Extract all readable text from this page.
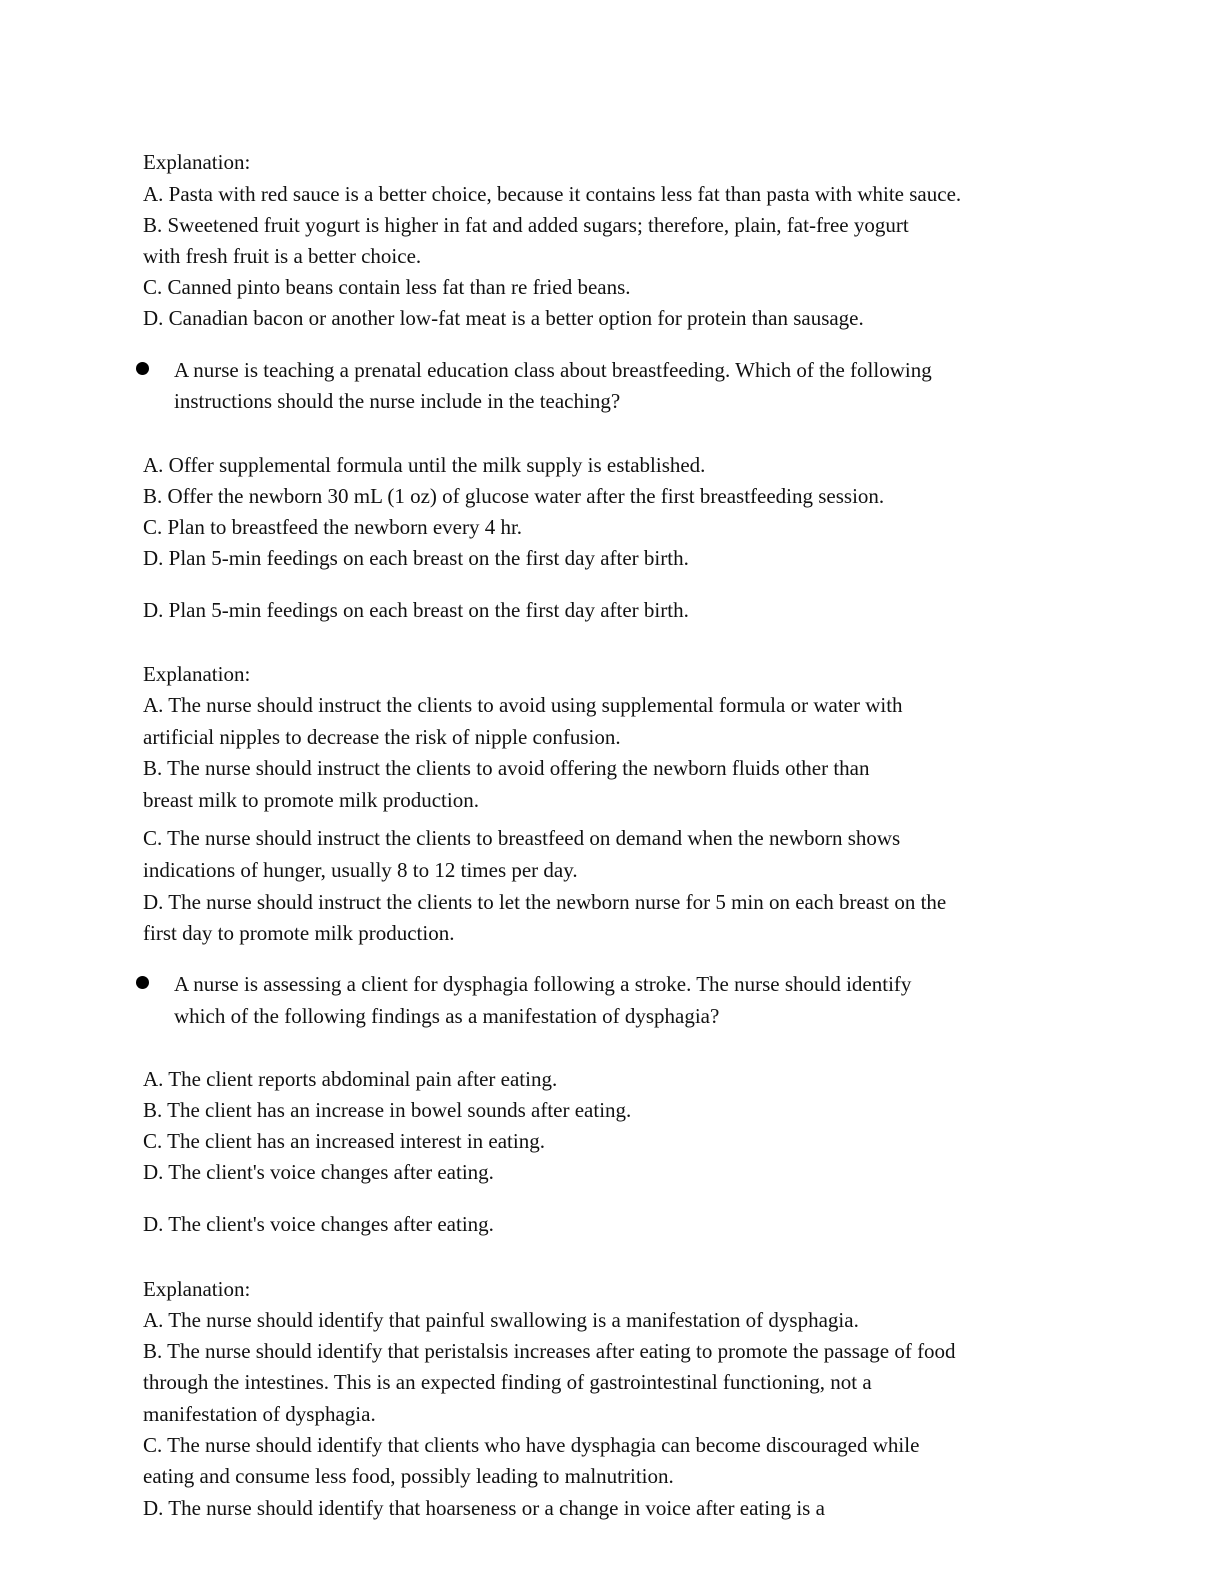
Explanation:
A. Pasta with red sauce is a better choice, because it contains less fat than pasta with white sauce.
B. Sweetened fruit yogurt is higher in fat and added sugars; therefore, plain, fat-free yogurt
with fresh fruit is a better choice.
C. Canned pinto beans contain less fat than re fried beans.
D. Canadian bacon or another low-fat meat is a better option for protein than sausage.
A nurse is teaching a prenatal education class about breastfeeding. Which of the following
instructions should the nurse include in the teaching?
A. Offer supplemental formula until the milk supply is established.
B. Offer the newborn 30 mL (1 oz) of glucose water after the first breastfeeding session.
C. Plan to breastfeed the newborn every 4 hr.
D. Plan 5-min feedings on each breast on the first day after birth.
D. Plan 5-min feedings on each breast on the first day after birth.
Explanation:
A. The nurse should instruct the clients to avoid using supplemental formula or water with
artificial nipples to decrease the risk of nipple confusion.
B. The nurse should instruct the clients to avoid offering the newborn fluids other than
breast milk to promote milk production.
C. The nurse should instruct the clients to breastfeed on demand when the newborn shows
indications of hunger, usually 8 to 12 times per day.
D. The nurse should instruct the clients to let the newborn nurse for 5 min on each breast on the
first day to promote milk production.
A nurse is assessing a client for dysphagia following a stroke. The nurse should identify
which of the following findings as a manifestation of dysphagia?
A. The client reports abdominal pain after eating.
B. The client has an increase in bowel sounds after eating.
C. The client has an increased interest in eating.
D. The client's voice changes after eating.
D. The client's voice changes after eating.
Explanation:
A. The nurse should identify that painful swallowing is a manifestation of dysphagia.
B. The nurse should identify that peristalsis increases after eating to promote the passage of food
through the intestines. This is an expected finding of gastrointestinal functioning, not a
manifestation of dysphagia.
C. The nurse should identify that clients who have dysphagia can become discouraged while
eating and consume less food, possibly leading to malnutrition.
D. The nurse should identify that hoarseness or a change in voice after eating is a
